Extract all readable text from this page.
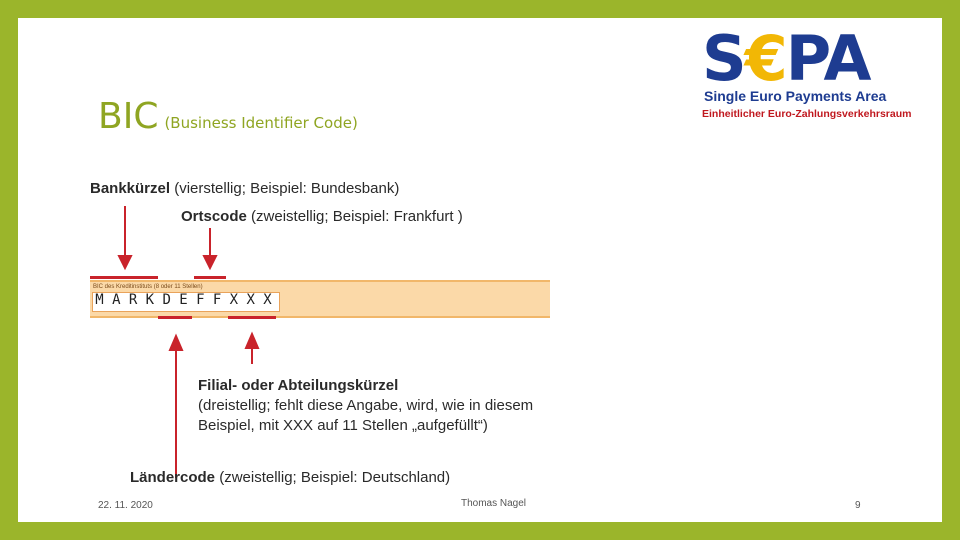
BIC (Business Identifier Code)
S€PA
Single Euro Payments Area
Einheitlicher Euro-Zahlungsverkehrsraum
Bankkürzel (vierstellig; Beispiel: Bundesbank)
Ortscode (zweistellig; Beispiel: Frankfurt )
BIC des Kreditinstituts (8 oder 11 Stellen)
M A R K D E F F X X X
Filial- oder Abteilungskürzel
(dreistellig; fehlt diese Angabe, wird, wie in diesem
Beispiel, mit XXX auf 11 Stellen „aufgefüllt“)
Ländercode (zweistellig; Beispiel: Deutschland)
22. 11. 2020	Thomas Nagel	9
